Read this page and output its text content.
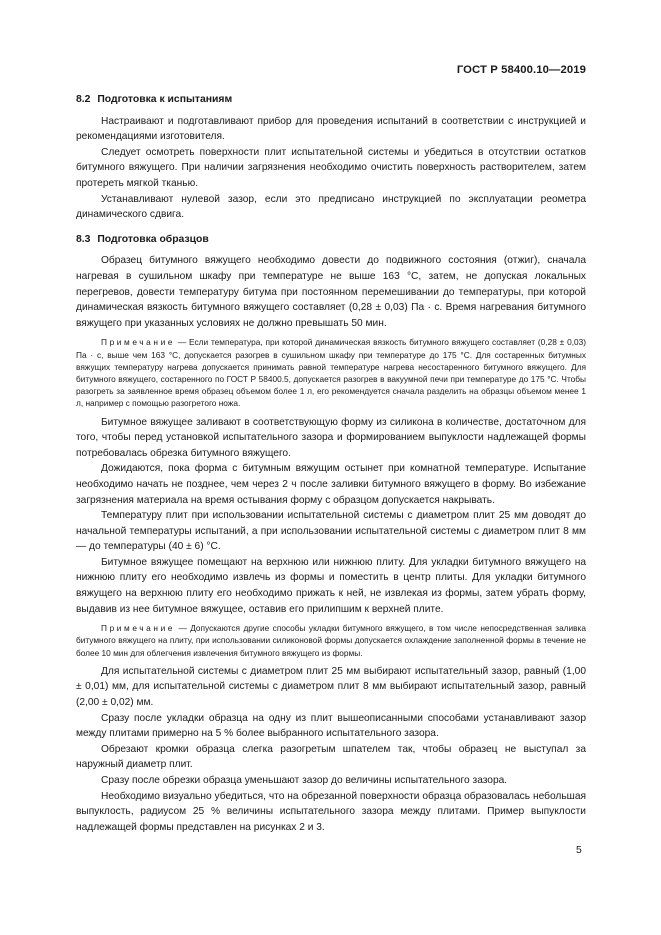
ГОСТ Р 58400.10—2019
8.2 Подготовка к испытаниям

Настраивают и подготавливают прибор для проведения испытаний в соответствии с инструкцией и рекомендациями изготовителя.

Следует осмотреть поверхности плит испытательной системы и убедиться в отсутствии остатков битумного вяжущего. При наличии загрязнения необходимо очистить поверхность растворителем, затем протереть мягкой тканью.

Устанавливают нулевой зазор, если это предписано инструкцией по эксплуатации реометра динамического сдвига.

8.3 Подготовка образцов

Образец битумного вяжущего необходимо довести до подвижного состояния (отжиг), сначала нагревая в сушильном шкафу при температуре не выше 163 °С, затем, не допуская локальных перегревов, довести температуру битума при постоянном перемешивании до температуры, при которой динамическая вязкость битумного вяжущего составляет (0,28 ± 0,03) Па · с. Время нагревания битумного вяжущего при указанных условиях не должно превышать 50 мин.

Примечание — Если температура, при которой динамическая вязкость битумного вяжущего составляет (0,28 ± 0,03) Па · с, выше чем 163 °С, допускается разогрев в сушильном шкафу при температуре до 175 °С. Для состаренных битумных вяжущих температуру нагрева допускается принимать равной температуре нагрева несостаренного битумного вяжущего. Для битумного вяжущего, состаренного по ГОСТ Р 58400.5, допускается разогрев в вакуумной печи при температуре до 175 °С. Чтобы разогреть за заявленное время образец объемом более 1 л, его рекомендуется сначала разделить на образцы объемом менее 1 л, например с помощью разогретого ножа.

Битумное вяжущее заливают в соответствующую форму из силикона в количестве, достаточном для того, чтобы перед установкой испытательного зазора и формированием выпуклости надлежащей формы потребовалась обрезка битумного вяжущего.

Дожидаются, пока форма с битумным вяжущим остынет при комнатной температуре. Испытание необходимо начать не позднее, чем через 2 ч после заливки битумного вяжущего в форму. Во избежание загрязнения материала на время остывания форму с образцом допускается накрывать.

Температуру плит при использовании испытательной системы с диаметром плит 25 мм доводят до начальной температуры испытаний, а при использовании испытательной системы с диаметром плит 8 мм — до температуры (40 ± 6) °С.

Битумное вяжущее помещают на верхнюю или нижнюю плиту. Для укладки битумного вяжущего на нижнюю плиту его необходимо извлечь из формы и поместить в центр плиты. Для укладки битумного вяжущего на верхнюю плиту его необходимо прижать к ней, не извлекая из формы, затем убрать форму, выдавив из нее битумное вяжущее, оставив его прилипшим к верхней плите.

Примечание — Допускаются другие способы укладки битумного вяжущего, в том числе непосредственная заливка битумного вяжущего на плиту, при использовании силиконовой формы допускается охлаждение заполненной формы в течение не более 10 мин для облегчения извлечения битумного вяжущего из формы.

Для испытательной системы с диаметром плит 25 мм выбирают испытательный зазор, равный (1,00 ± 0,01) мм, для испытательной системы с диаметром плит 8 мм выбирают испытательный зазор, равный (2,00 ± 0,02) мм.

Сразу после укладки образца на одну из плит вышеописанными способами устанавливают зазор между плитами примерно на 5 % более выбранного испытательного зазора.

Обрезают кромки образца слегка разогретым шпателем так, чтобы образец не выступал за наружный диаметр плит.

Сразу после обрезки образца уменьшают зазор до величины испытательного зазора.

Необходимо визуально убедиться, что на обрезанной поверхности образца образовалась небольшая выпуклость, радиусом 25 % величины испытательного зазора между плитами. Пример выпуклости надлежащей формы представлен на рисунках 2 и 3.

5
